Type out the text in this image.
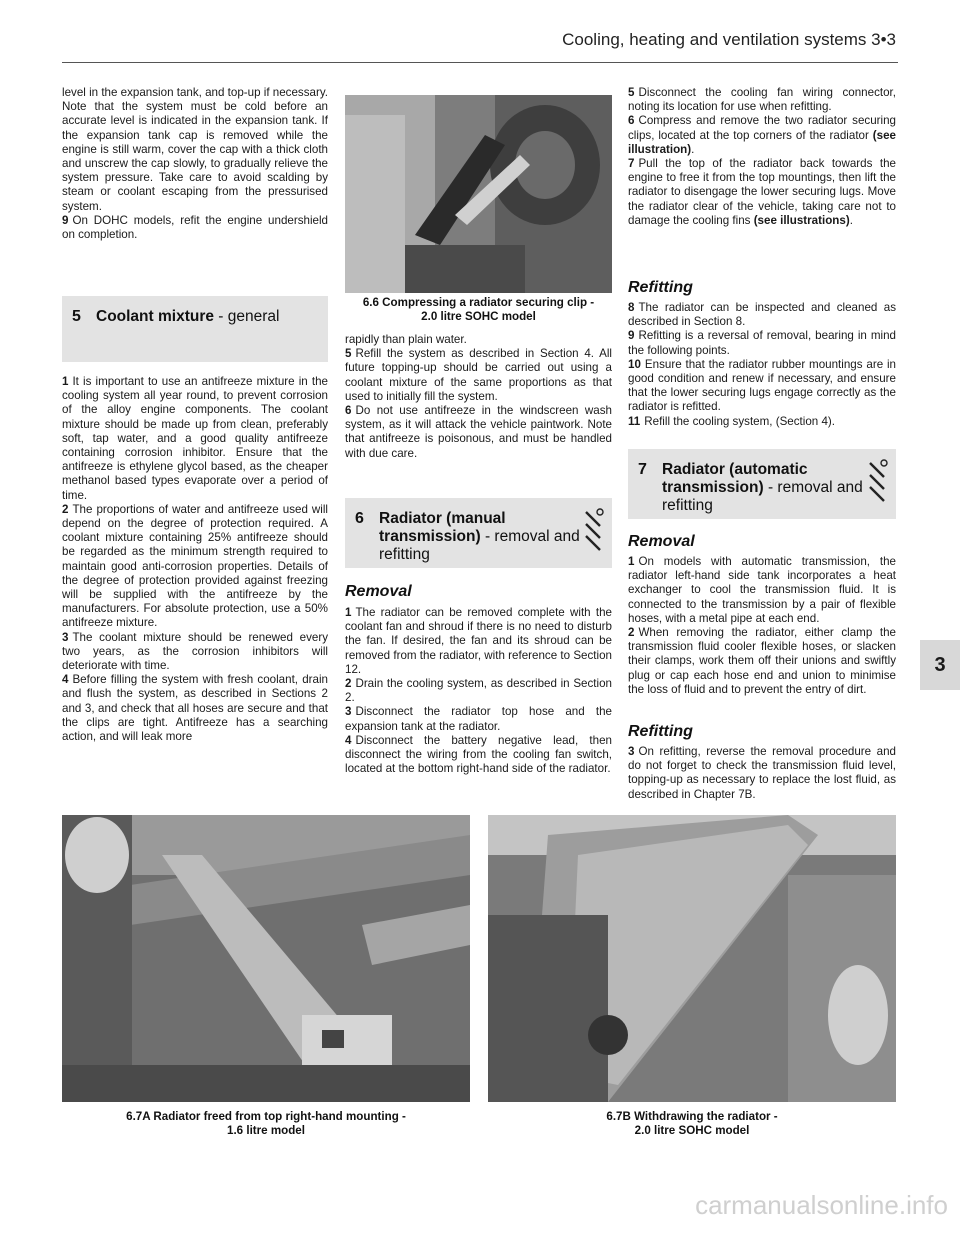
Cooling, heating and ventilation systems 3•3

level in the expansion tank, and top-up if necessary. Note that the system must be cold before an accurate level is indicated in the expansion tank. If the expansion tank cap is removed while the engine is still warm, cover the cap with a thick cloth and unscrew the cap slowly, to gradually relieve the system pressure. Take care to avoid scalding by steam or coolant escaping from the pressurised system.

9 On DOHC models, refit the engine undershield on completion.

5 Coolant mixture - general

1 It is important to use an antifreeze mixture in the cooling system all year round, to prevent corrosion of the alloy engine components. The coolant mixture should be made up from clean, preferably soft, tap water, and a good quality antifreeze containing corrosion inhibitor. Ensure that the antifreeze is ethylene glycol based, as the cheaper methanol based types evaporate over a period of time.

2 The proportions of water and antifreeze used will depend on the degree of protection required. A coolant mixture containing 25% antifreeze should be regarded as the minimum strength required to maintain good anti-corrosion properties. Details of the degree of protection provided against freezing will be supplied with the antifreeze by the manufacturers. For absolute protection, use a 50% antifreeze mixture.

3 The coolant mixture should be renewed every two years, as the corrosion inhibitors will deteriorate with time.

4 Before filling the system with fresh coolant, drain and flush the system, as described in Sections 2 and 3, and check that all hoses are secure and that the clips are tight. Antifreeze has a searching action, and will leak more

6.6 Compressing a radiator securing clip -
2.0 litre SOHC model

rapidly than plain water.

5 Refill the system as described in Section 4. All future topping-up should be carried out using a coolant mixture of the same proportions as that used to initially fill the system.

6 Do not use antifreeze in the windscreen wash system, as it will attack the vehicle paintwork. Note that antifreeze is poisonous, and must be handled with due care.

6 Radiator (manual
transmission) - removal and
refitting
Removal

1 The radiator can be removed complete with the coolant fan and shroud if there is no need to disturb the fan. If desired, the fan and its shroud can be removed from the radiator, with reference to Section 12.

2 Drain the cooling system, as described in Section 2.

3 Disconnect the radiator top hose and the expansion tank at the radiator.

4 Disconnect the battery negative lead, then disconnect the wiring from the cooling fan switch, located at the bottom right-hand side of the radiator.

5 Disconnect the cooling fan wiring connector, noting its location for use when refitting.

6 Compress and remove the two radiator securing clips, located at the top corners of the radiator (see illustration).

7 Pull the top of the radiator back towards the engine to free it from the top mountings, then lift the radiator to disengage the lower securing lugs. Move the radiator clear of the vehicle, taking care not to damage the cooling fins (see illustrations).

Refitting

8 The radiator can be inspected and cleaned as described in Section 8.

9 Refitting is a reversal of removal, bearing in mind the following points.

10 Ensure that the radiator rubber mountings are in good condition and renew if necessary, and ensure that the lower securing lugs engage correctly as the radiator is refitted.

11 Refill the cooling system, (Section 4).

7 Radiator (automatic
transmission) - removal and
refitting
Removal

1 On models with automatic transmission, the radiator left-hand side tank incorporates a heat exchanger to cool the transmission fluid. It is connected to the transmission by a pair of flexible hoses, with a metal pipe at each end.

2 When removing the radiator, either clamp the transmission fluid cooler flexible hoses, or slacken their clamps, work them off their unions and swiftly plug or cap each hose end and union to minimise the loss of fluid and to prevent the entry of dirt.

Refitting

3 On refitting, reverse the removal procedure and do not forget to check the transmission fluid level, topping-up as necessary to replace the lost fluid, as described in Chapter 7B.

6.7A Radiator freed from top right-hand mounting -
1.6 litre model
6.7B Withdrawing the radiator -
2.0 litre SOHC model
3
carmanualsonline.info
